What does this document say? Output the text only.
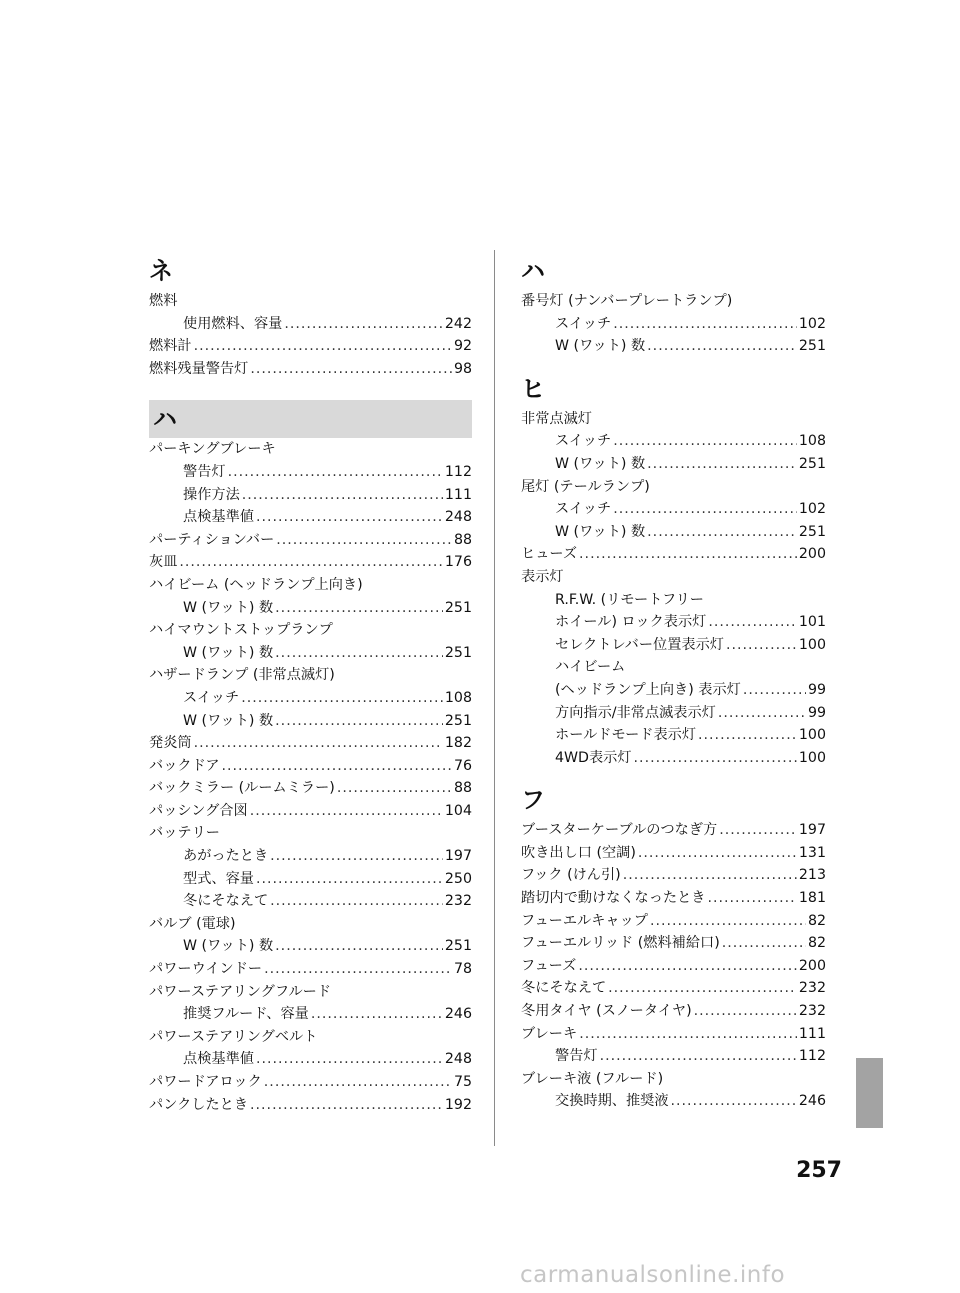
ネ
燃料
使用燃料、容量 .....	242
燃料計 .....	92
燃料残量警告灯 .....	98
ハ
パーキングブレーキ
警告灯 .....	112
操作方法 .....	111
点検基準値 .....	248
パーティションバー .....	88
灰皿 .....	176
ハイビーム (ヘッドランプ上向き)
W (ワット) 数 .....	251
ハイマウントストップランプ
W (ワット) 数 .....	251
ハザードランプ (非常点滅灯)
スイッチ .....	108
W (ワット) 数 .....	251
発炎筒 .....	182
バックドア .....	76
バックミラー (ルームミラー) .....	88
パッシング合図 .....	104
バッテリー
あがったとき .....	197
型式、容量 .....	250
冬にそなえて .....	232
バルブ (電球)
W (ワット) 数 .....	251
パワーウインドー .....	78
パワーステアリングフルード
推奨フルード、容量 .....	246
パワーステアリングベルト
点検基準値 .....	248
パワードアロック .....	75
パンクしたとき .....	192
ハ
番号灯 (ナンバープレートランプ)
スイッチ .....	102
W (ワット) 数 .....	251
ヒ
非常点滅灯
スイッチ .....	108
W (ワット) 数 .....	251
尾灯 (テールランプ)
スイッチ .....	102
W (ワット) 数 .....	251
ヒューズ .....	200
表示灯
R.F.W. (リモートフリー
ホイール) ロック表示灯 .....	101
セレクトレバー位置表示灯 .....	100
ハイビーム
(ヘッドランプ上向き) 表示灯 .....	99
方向指示/非常点滅表示灯 .....	99
ホールドモード表示灯 .....	100
4WD表示灯 .....	100
フ
ブースターケーブルのつなぎ方 .....	197
吹き出し口 (空調) .....	131
フック (けん引) .....	213
踏切内で動けなくなったとき .....	181
フューエルキャップ .....	82
フューエルリッド (燃料補給口) .....	82
フューズ .....	200
冬にそなえて .....	232
冬用タイヤ (スノータイヤ) .....	232
ブレーキ .....	111
警告灯 .....	112
ブレーキ液 (フルード)
交換時期、推奨液 .....	246
257
carmanualsonline.info
